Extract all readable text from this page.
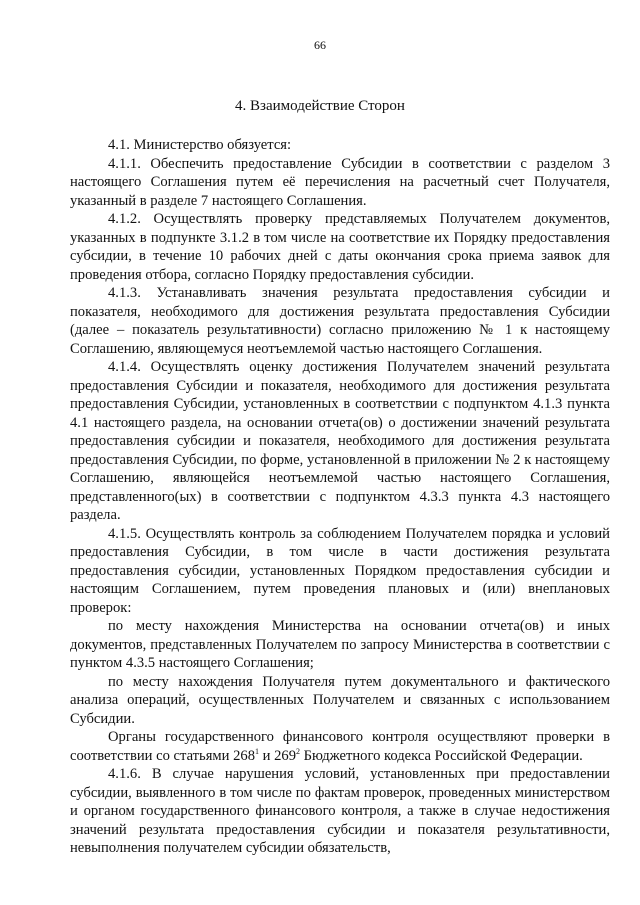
66
4. Взаимодействие Сторон

4.1. Министерство обязуется:

4.1.1. Обеспечить предоставление Субсидии в соответствии с разделом 3 настоящего Соглашения путем её перечисления на расчетный счет Получателя, указанный в разделе 7 настоящего Соглашения.

4.1.2. Осуществлять проверку представляемых Получателем документов, указанных в подпункте 3.1.2 в том числе на соответствие их Порядку предоставления субсидии, в течение 10 рабочих дней с даты окончания срока приема заявок для проведения отбора, согласно Порядку предоставления субсидии.

4.1.3. Устанавливать значения результата предоставления субсидии и показателя, необходимого для достижения результата предоставления Субсидии (далее – показатель результативности) согласно приложению № 1 к настоящему Соглашению, являющемуся неотъемлемой частью настоящего Соглашения.

4.1.4. Осуществлять оценку достижения Получателем значений результата предоставления Субсидии и показателя, необходимого для достижения результата предоставления Субсидии, установленных в соответствии с подпунктом 4.1.3 пункта 4.1 настоящего раздела, на основании отчета(ов) о достижении значений результата предоставления субсидии и показателя, необходимого для достижения результата предоставления Субсидии, по форме, установленной в приложении № 2 к настоящему Соглашению, являющейся неотъемлемой частью настоящего Соглашения, представленного(ых) в соответствии с подпунктом 4.3.3 пункта 4.3 настоящего раздела.

4.1.5. Осуществлять контроль за соблюдением Получателем порядка и условий предоставления Субсидии, в том числе в части достижения результата предоставления субсидии, установленных Порядком предоставления субсидии и настоящим Соглашением, путем проведения плановых и (или) внеплановых проверок:

по месту нахождения Министерства на основании отчета(ов) и иных документов, представленных Получателем по запросу Министерства в соответствии с пунктом 4.3.5 настоящего Соглашения;

по месту нахождения Получателя путем документального и фактического анализа операций, осуществленных Получателем и связанных с использованием Субсидии.

Органы государственного финансового контроля осуществляют проверки в соответствии со статьями $268^1$ и $269^2$ Бюджетного кодекса Российской Федерации.

4.1.6. В случае нарушения условий, установленных при предоставлении субсидии, выявленного в том числе по фактам проверок, проведенных министерством и органом государственного финансового контроля, а также в случае недостижения значений результата предоставления субсидии и показателя результативности, невыполнения получателем субсидии обязательств,
